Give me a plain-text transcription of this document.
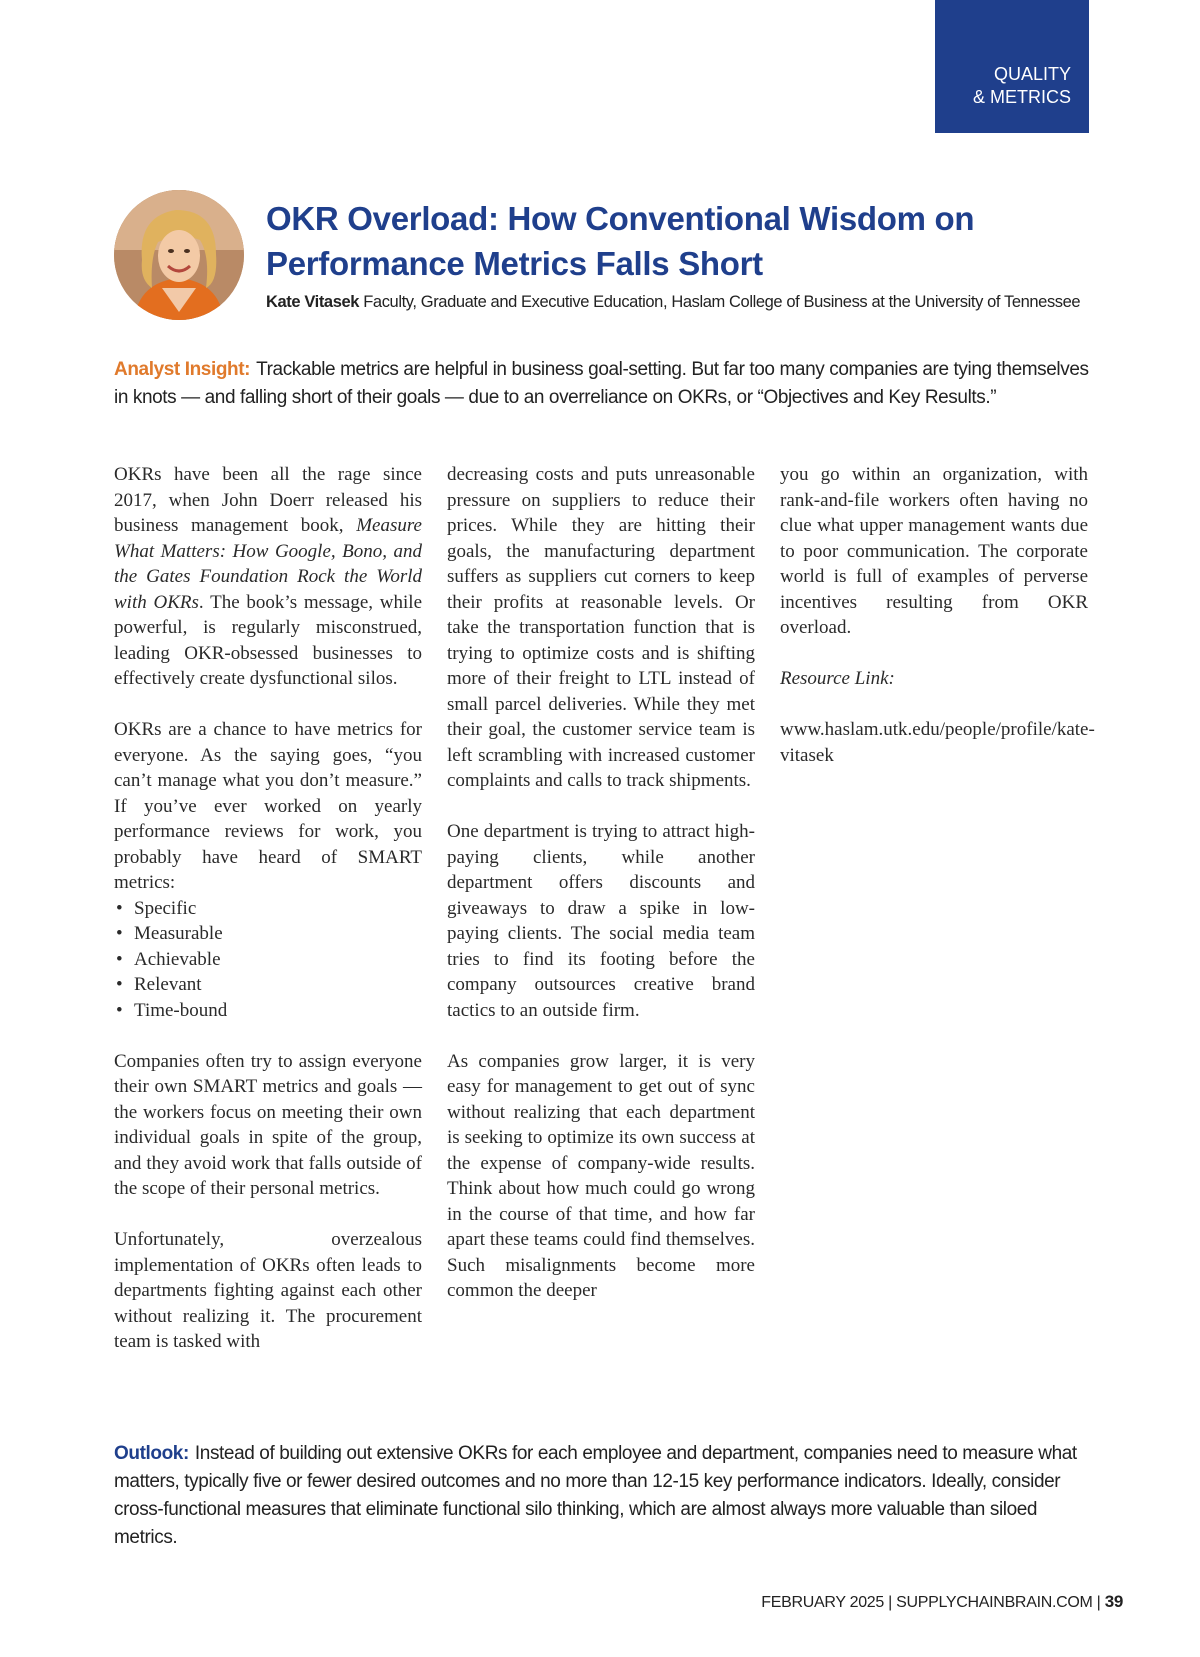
QUALITY
& METRICS
OKR Overload: How Conventional Wisdom on Performance Metrics Falls Short
Kate Vitasek Faculty, Graduate and Executive Education, Haslam College of Business at the University of Tennessee

Analyst Insight: Trackable metrics are helpful in business goal-setting. But far too many companies are tying themselves in knots — and falling short of their goals — due to an overreliance on OKRs, or “Objectives and Key Results.”

OKRs have been all the rage since 2017, when John Doerr released his business management book, Measure What Matters: How Google, Bono, and the Gates Foundation Rock the World with OKRs. The book’s message, while powerful, is regularly misconstrued, leading OKR-obsessed businesses to effectively create dysfunctional silos.

OKRs are a chance to have metrics for everyone. As the saying goes, “you can’t manage what you don’t measure.” If you’ve ever worked on yearly performance reviews for work, you probably have heard of SMART metrics:

• Specific
• Measurable
• Achievable
• Relevant
• Time-bound

Companies often try to assign everyone their own SMART metrics and goals — the workers focus on meeting their own individual goals in spite of the group, and they avoid work that falls outside of the scope of their personal metrics.

Unfortunately, overzealous implementation of OKRs often leads to departments fighting against each other without realizing it. The procurement team is tasked with

decreasing costs and puts unreasonable pressure on suppliers to reduce their prices. While they are hitting their goals, the manufacturing department suffers as suppliers cut corners to keep their profits at reasonable levels. Or take the transportation function that is trying to optimize costs and is shifting more of their freight to LTL instead of small parcel deliveries. While they met their goal, the customer service team is left scrambling with increased customer complaints and calls to track shipments.

One department is trying to attract high-paying clients, while another department offers discounts and giveaways to draw a spike in low-paying clients. The social media team tries to find its footing before the company outsources creative brand tactics to an outside firm.

As companies grow larger, it is very easy for management to get out of sync without realizing that each department is seeking to optimize its own success at the expense of company-wide results. Think about how much could go wrong in the course of that time, and how far apart these teams could find themselves. Such misalignments become more common the deeper

you go within an organization, with rank-and-file workers often having no clue what upper management wants due to poor communication. The corporate world is full of examples of perverse incentives resulting from OKR overload.

Resource Link:

www.haslam.utk.edu/people/profile/kate-vitasek

Outlook: Instead of building out extensive OKRs for each employee and department, companies need to measure what matters, typically five or fewer desired outcomes and no more than 12-15 key performance indicators. Ideally, consider cross-functional measures that eliminate functional silo thinking, which are almost always more valuable than siloed metrics.

FEBRUARY 2025 | SUPPLYCHAINBRAIN.COM | 39
